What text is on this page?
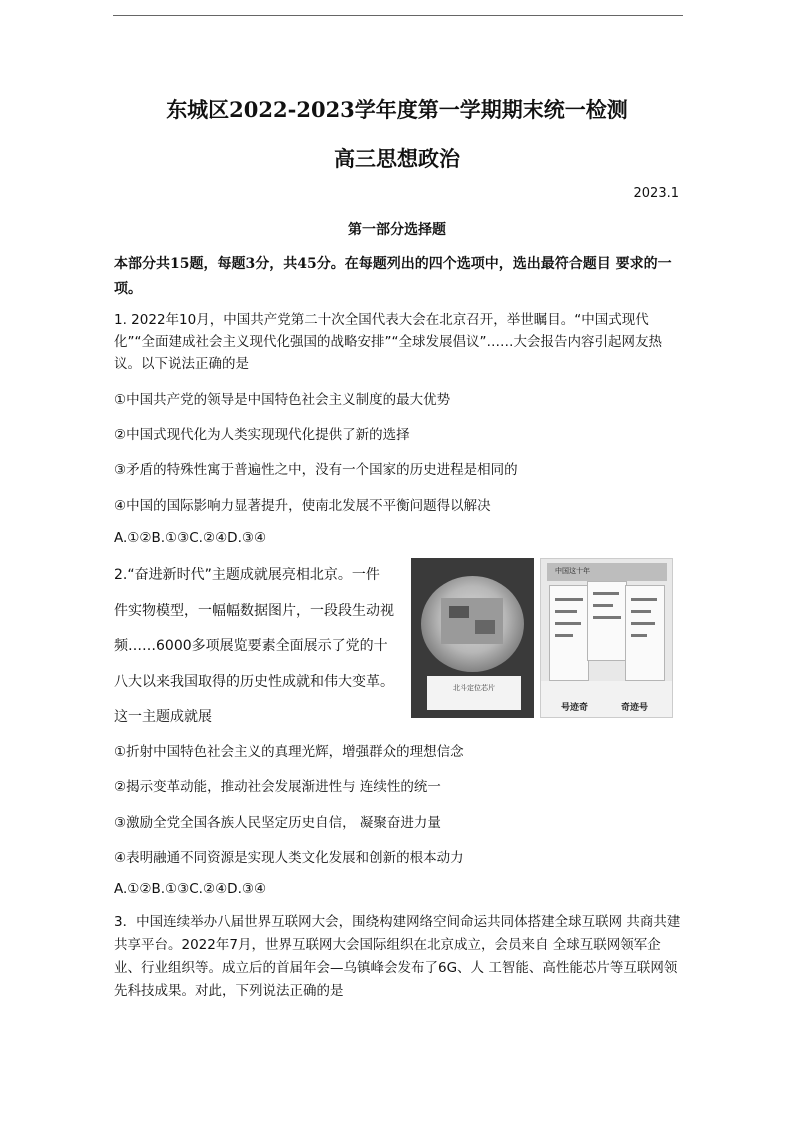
东城区2022-2023学年度第一学期期末统一检测
高三思想政治
2023.1
第一部分选择题
本部分共15题，每题3分，共45分。在每题列出的四个选项中，选出最符合题目 要求的一项。
1. 2022年10月，中国共产党第二十次全国代表大会在北京召开，举世瞩目。“中国式现代化”“全面建成社会主义现代化强国的战略安排”“全球发展倡议”……大会报告内容引起网友热议。以下说法正确的是
①中国共产党的领导是中国特色社会主义制度的最大优势
②中国式现代化为人类实现现代化提供了新的选择
③矛盾的特殊性寓于普遍性之中，没有一个国家的历史进程是相同的
④中国的国际影响力显著提升，使南北发展不平衡问题得以解决
A.①②B.①③C.②④D.③④
2.“奋进新时代”主题成就展亮相北京。一件
件实物模型，一幅幅数据图片，一段段生动视
频……6000多项展览要素全面展示了党的十
八大以来我国取得的历史性成就和伟大变革。
这一主题成就展
北斗定位芯片
中国这十年
号迹奇	奇迹号
①折射中国特色社会主义的真理光辉，增强群众的理想信念
②揭示变革动能，推动社会发展渐进性与 连续性的统一
③激励全党全国各族人民坚定历史自信， 凝聚奋进力量
④表明融通不同资源是实现人类文化发展和创新的根本动力
A.①②B.①③C.②④D.③④
3．中国连续举办八届世界互联网大会，围绕构建网络空间命运共同体搭建全球互联网 共商共建共享平台。2022年7月，世界互联网大会国际组织在北京成立，会员来自 全球互联网领军企业、行业组织等。成立后的首届年会—乌镇峰会发布了6G、人 工智能、高性能芯片等互联网领先科技成果。对此，下列说法正确的是
